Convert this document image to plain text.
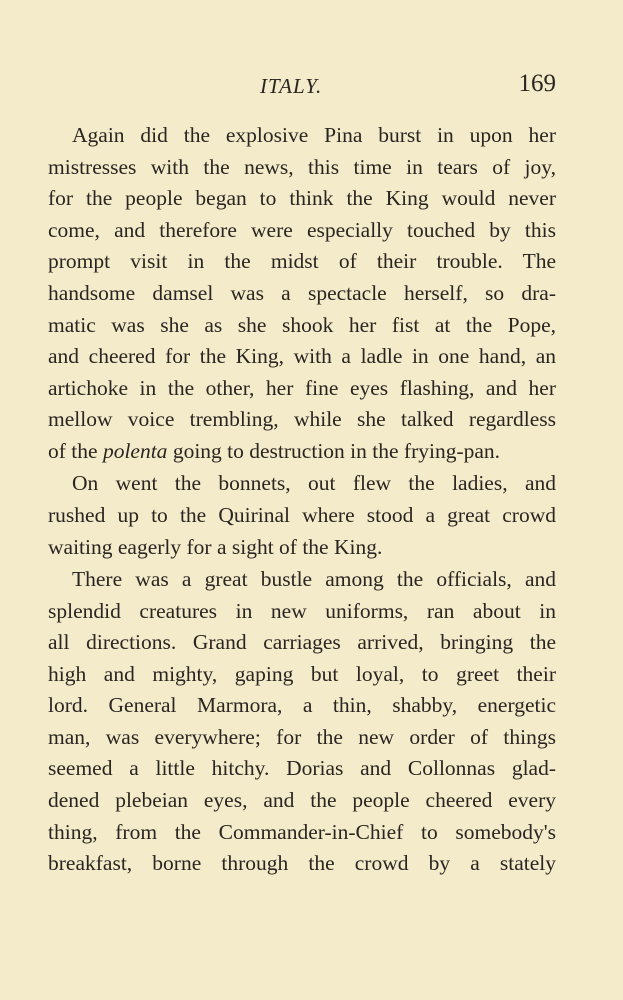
ITALY.	169
Again did the explosive Pina burst in upon her
mistresses with the news, this time in tears of joy,
for the people began to think the King would never
come, and therefore were especially touched by this
prompt visit in the midst of their trouble. The
handsome damsel was a spectacle herself, so dra-
matic was she as she shook her fist at the Pope,
and cheered for the King, with a ladle in one hand, an
artichoke in the other, her fine eyes flashing, and her
mellow voice trembling, while she talked regardless
of the polenta going to destruction in the frying-pan.
On went the bonnets, out flew the ladies, and
rushed up to the Quirinal where stood a great crowd
waiting eagerly for a sight of the King.
There was a great bustle among the officials, and
splendid creatures in new uniforms, ran about in
all directions. Grand carriages arrived, bringing the
high and mighty, gaping but loyal, to greet their
lord. General Marmora, a thin, shabby, energetic
man, was everywhere; for the new order of things
seemed a little hitchy. Dorias and Collonnas glad-
dened plebeian eyes, and the people cheered every
thing, from the Commander-in-Chief to somebody's
breakfast, borne through the crowd by a stately
